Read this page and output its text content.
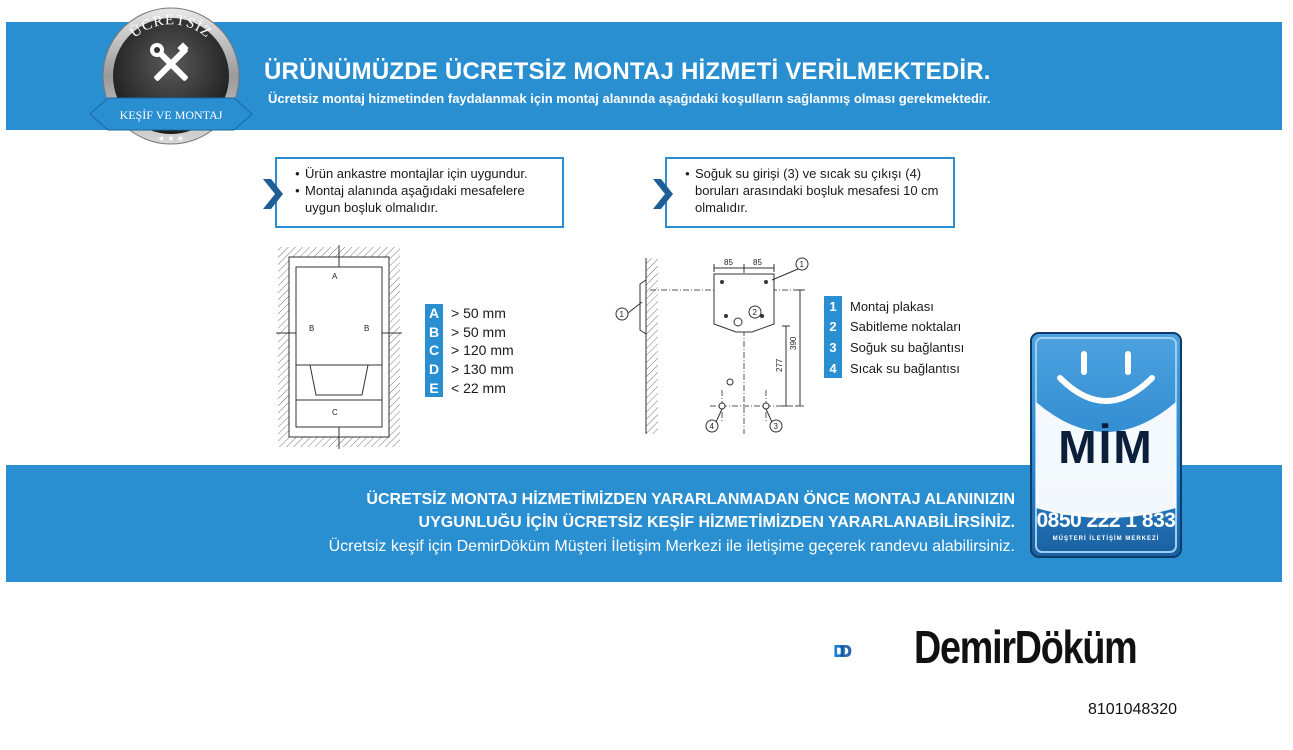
ÜRÜNÜMÜZDE ÜCRETSİZ MONTAJ HİZMETİ VERİLMEKTEDİR.
Ücretsiz montaj hizmetinden faydalanmak için montaj alanında aşağıdaki koşulların sağlanmış olması gerekmektedir.
ÜCRETSİZ
KEŞİF VE MONTAJ
★ ★ ★
● Ürün ankastre montajlar için uygundur.
● Montaj alanında aşağıdaki mesafelere uygun boşluk olmalıdır.
● Soğuk su girişi (3) ve sıcak su çıkışı (4) boruları arasındaki boşluk mesafesi 10 cm olmalıdır.
A
B	B
C
A	> 50 mm
B	> 50 mm
C	> 120 mm
D	> 130 mm
E	< 22 mm
1
85	85	1
2
390
277
4	3
1	Montaj plakası
2	Sabitleme noktaları
3	Soğuk su bağlantısı
4	Sıcak su bağlantısı
ÜCRETSİZ MONTAJ HİZMETİMİZDEN YARARLANMADAN ÖNCE MONTAJ ALANINIZIN
UYGUNLUĞU İÇİN ÜCRETSİZ KEŞİF HİZMETİMİZDEN YARARLANABİLİRSİNİZ.
Ücretsiz keşif için DemirDöküm Müşteri İletişim Merkezi ile iletişime geçerek randevu alabilirsiniz.
MİM
0850 222 1 833
MÜŞTERİ İLETİŞİM MERKEZİ
DemirDöküm
8101048320
